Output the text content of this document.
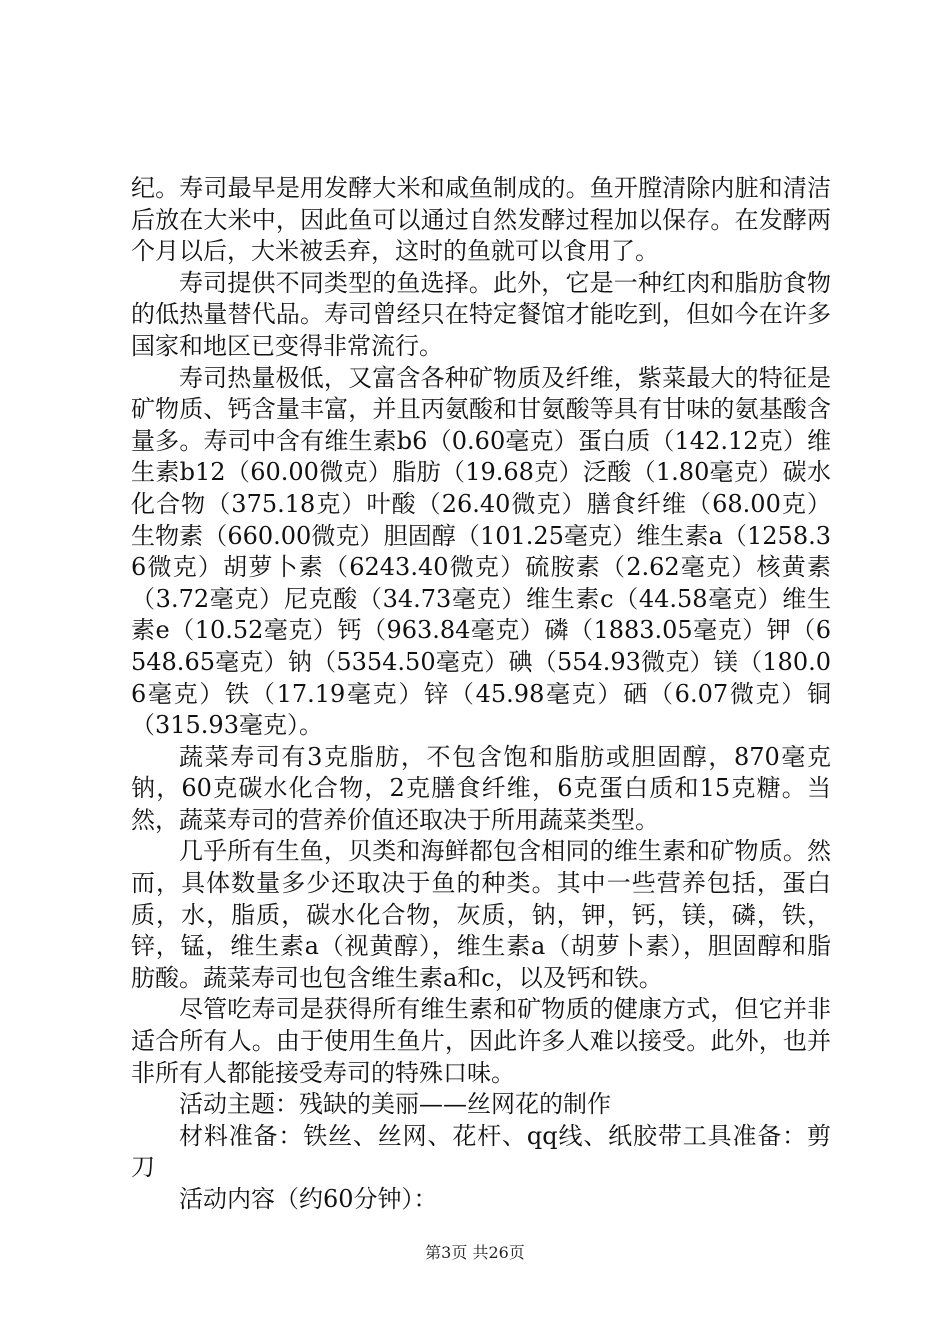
纪。寿司最早是用发酵大米和咸鱼制成的。鱼开膛清除内脏和清洁后放在大米中，因此鱼可以通过自然发酵过程加以保存。在发酵两个月以后，大米被丢弃，这时的鱼就可以食用了。

寿司提供不同类型的鱼选择。此外，它是一种红肉和脂肪食物的低热量替代品。寿司曾经只在特定餐馆才能吃到，但如今在许多国家和地区已变得非常流行。

寿司热量极低，又富含各种矿物质及纤维，紫菜最大的特征是矿物质、钙含量丰富，并且丙氨酸和甘氨酸等具有甘味的氨基酸含量多。寿司中含有维生素b6（0.60毫克）蛋白质（142.12克）维生素b12（60.00微克）脂肪（19.68克）泛酸（1.80毫克）碳水化合物（375.18克）叶酸（26.40微克）膳食纤维（68.00克）生物素（660.00微克）胆固醇（101.25毫克）维生素a（1258.36微克）胡萝卜素（6243.40微克）硫胺素（2.62毫克）核黄素（3.72毫克）尼克酸（34.73毫克）维生素c（44.58毫克）维生素e（10.52毫克）钙（963.84毫克）磷（1883.05毫克）钾（6548.65毫克）钠（5354.50毫克）碘（554.93微克）镁（180.06毫克）铁（17.19毫克）锌（45.98毫克）硒（6.07微克）铜（315.93毫克）。

蔬菜寿司有3克脂肪，不包含饱和脂肪或胆固醇，870毫克钠，60克碳水化合物，2克膳食纤维，6克蛋白质和15克糖。当然，蔬菜寿司的营养价值还取决于所用蔬菜类型。

几乎所有生鱼，贝类和海鲜都包含相同的维生素和矿物质。然而，具体数量多少还取决于鱼的种类。其中一些营养包括，蛋白质，水，脂质，碳水化合物，灰质，钠，钾，钙，镁，磷，铁，锌，锰，维生素a（视黄醇），维生素a（胡萝卜素），胆固醇和脂肪酸。蔬菜寿司也包含维生素a和c，以及钙和铁。

尽管吃寿司是获得所有维生素和矿物质的健康方式，但它并非适合所有人。由于使用生鱼片，因此许多人难以接受。此外，也并非所有人都能接受寿司的特殊口味。

活动主题：残缺的美丽——丝网花的制作

材料准备：铁丝、丝网、花杆、qq线、纸胶带工具准备：剪刀

活动内容（约60分钟）：

第3页 共26页
